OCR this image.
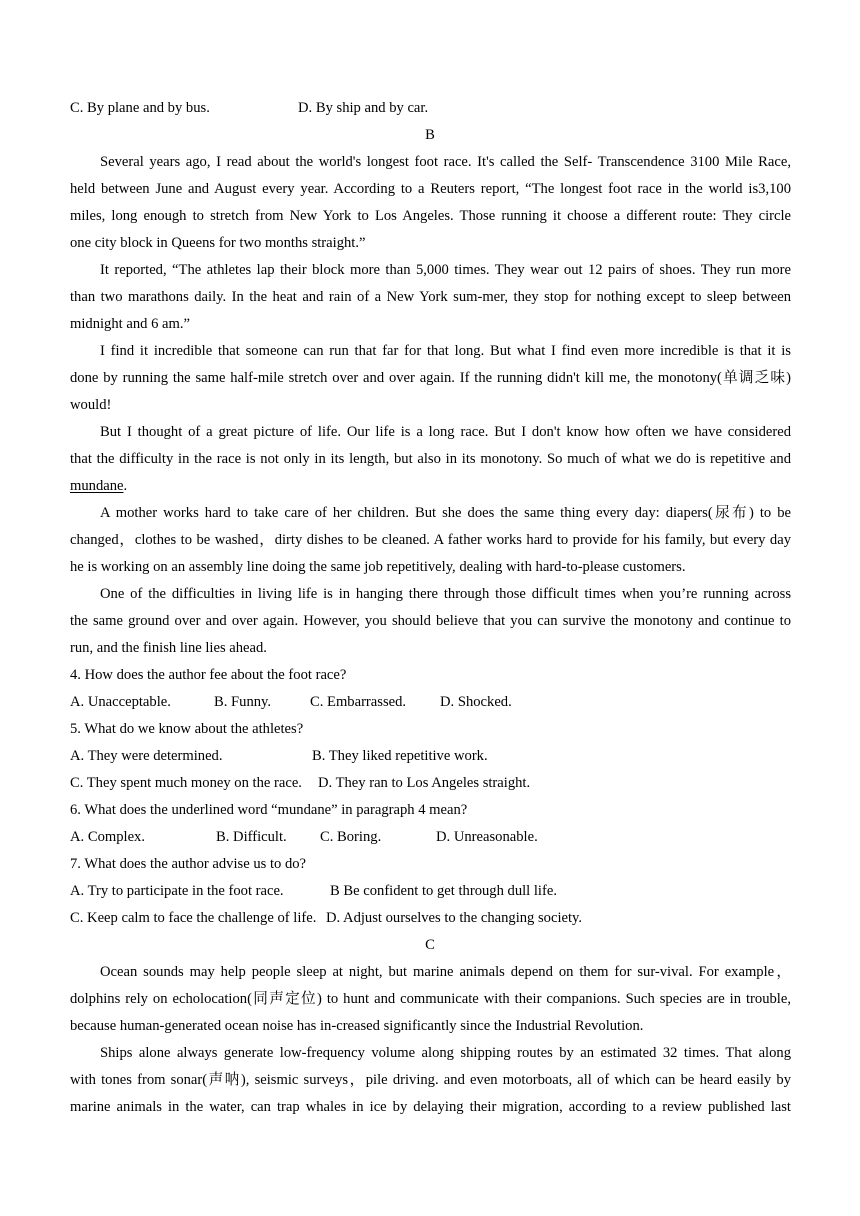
C. By plane and by bus.	D. By ship and by car.
B
Several years ago, I read about the world's longest foot race. It's called the Self- Transcendence 3100 Mile Race,
held between June and August every year. According to a Reuters report, “The longest foot race in the world is3,100
miles, long enough to stretch from New York to Los Angeles. Those running it choose a different route: They circle
one city block in Queens for two months straight.”
It reported, “The athletes lap their block more than 5,000 times. They wear out 12 pairs of shoes. They run more
than two marathons daily. In the heat and rain of a New York sum-mer, they stop for nothing except to sleep between
midnight and 6 am.”
I find it incredible that someone can run that far for that long. But what I find even more incredible is that it is
done by running the same half-mile stretch over and over again. If the running didn't kill me, the monotony(单调乏味)
would!
But I thought of a great picture of life. Our life is a long race. But I don't know how often we have considered
that the difficulty in the race is not only in its length, but also in its monotony. So much of what we do is repetitive and
mundane.
A mother works hard to take care of her children. But she does the same thing every day: diapers(尿布) to be
changed，clothes to be washed，dirty dishes to be cleaned. A father works hard to provide for his family, but every day
he is working on an assembly line doing the same job repetitively, dealing with hard-to-please customers.
One of the difficulties in living life is in hanging there through those difficult times when you’re running across
the same ground over and over again. However, you should believe that you can survive the monotony and continue to
run, and the finish line lies ahead.
4. How does the author fee about the foot race?
A. Unacceptable.	B. Funny.	C. Embarrassed. D. Shocked.
5. What do we know about the athletes?
A. They were determined.	B. They liked repetitive work.
C. They spent much money on the race. D. They ran to Los Angeles straight.
6. What does the underlined word “mundane” in paragraph 4 mean?
A. Complex.	B. Difficult. C. Boring.	D. Unreasonable.
7. What does the author advise us to do?
A. Try to participate in the foot race.	B Be confident to get through dull life.
C. Keep calm to face the challenge of life. D. Adjust ourselves to the changing society.
C
Ocean sounds may help people sleep at night, but marine animals depend on them for sur-vival. For example，
dolphins rely on echolocation(同声定位) to hunt and communicate with their companions. Such species are in trouble,
because human-generated ocean noise has in-creased significantly since the Industrial Revolution.
Ships alone always generate low-frequency volume along shipping routes by an estimated 32 times. That along
with tones from sonar(声呐), seismic surveys，pile driving. and even motorboats, all of which can be heard easily by
marine animals in the water, can trap whales in ice by delaying their migration, according to a review published last
